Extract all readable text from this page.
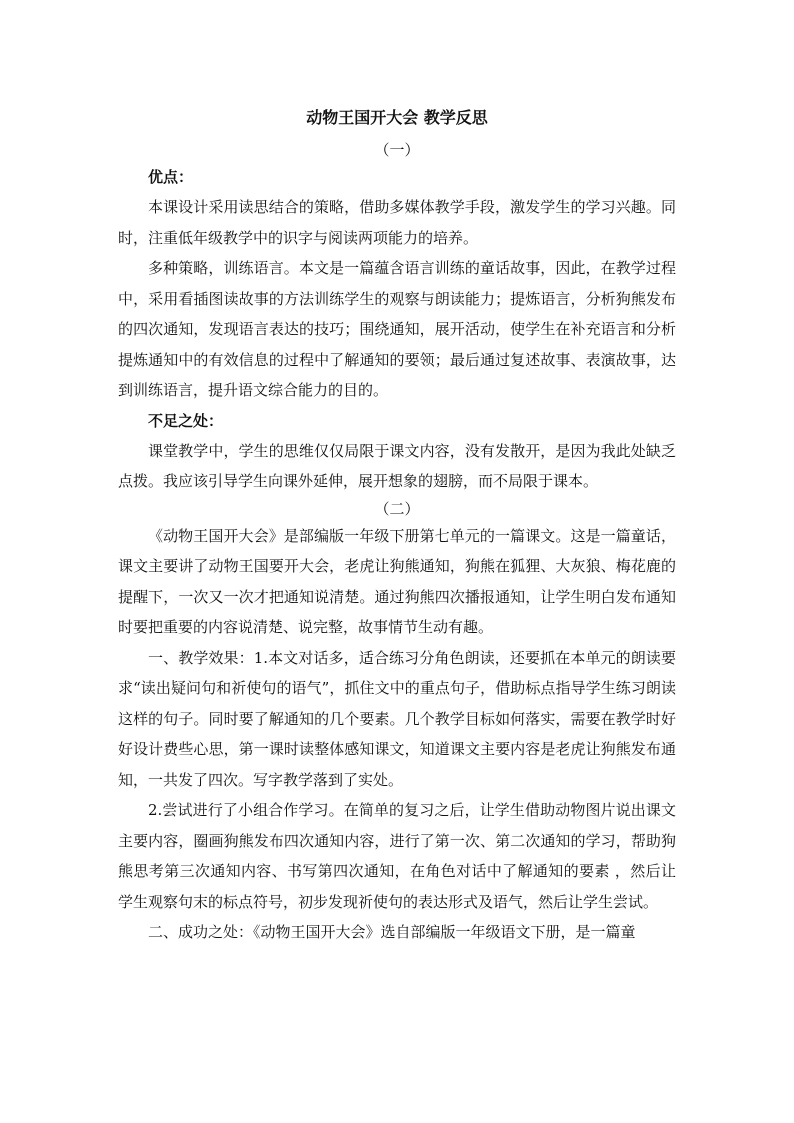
动物王国开大会 教学反思

（一）

优点：

本课设计采用读思结合的策略，借助多媒体教学手段，激发学生的学习兴趣。同时，注重低年级教学中的识字与阅读两项能力的培养。

多种策略，训练语言。本文是一篇蕴含语言训练的童话故事，因此，在教学过程中，采用看插图读故事的方法训练学生的观察与朗读能力；提炼语言，分析狗熊发布的四次通知，发现语言表达的技巧；围绕通知，展开活动，使学生在补充语言和分析提炼通知中的有效信息的过程中了解通知的要领；最后通过复述故事、表演故事，达到训练语言，提升语文综合能力的目的。

不足之处：

课堂教学中，学生的思维仅仅局限于课文内容，没有发散开，是因为我此处缺乏点拨。我应该引导学生向课外延伸，展开想象的翅膀，而不局限于课本。

（二）

《动物王国开大会》是部编版一年级下册第七单元的一篇课文。这是一篇童话，课文主要讲了动物王国要开大会，老虎让狗熊通知，狗熊在狐狸、大灰狼、梅花鹿的提醒下，一次又一次才把通知说清楚。通过狗熊四次播报通知，让学生明白发布通知时要把重要的内容说清楚、说完整，故事情节生动有趣。

一、教学效果：1.本文对话多，适合练习分角色朗读，还要抓在本单元的朗读要求“读出疑问句和祈使句的语气”，抓住文中的重点句子，借助标点指导学生练习朗读这样的句子。同时要了解通知的几个要素。几个教学目标如何落实，需要在教学时好好设计费些心思，第一课时读整体感知课文，知道课文主要内容是老虎让狗熊发布通知，一共发了四次。写字教学落到了实处。

2.尝试进行了小组合作学习。在简单的复习之后，让学生借助动物图片说出课文主要内容，圈画狗熊发布四次通知内容，进行了第一次、第二次通知的学习，帮助狗熊思考第三次通知内容、书写第四次通知，在角色对话中了解通知的要素 ，然后让学生观察句末的标点符号，初步发现祈使句的表达形式及语气，然后让学生尝试。

二、成功之处：《动物王国开大会》选自部编版一年级语文下册，是一篇童
